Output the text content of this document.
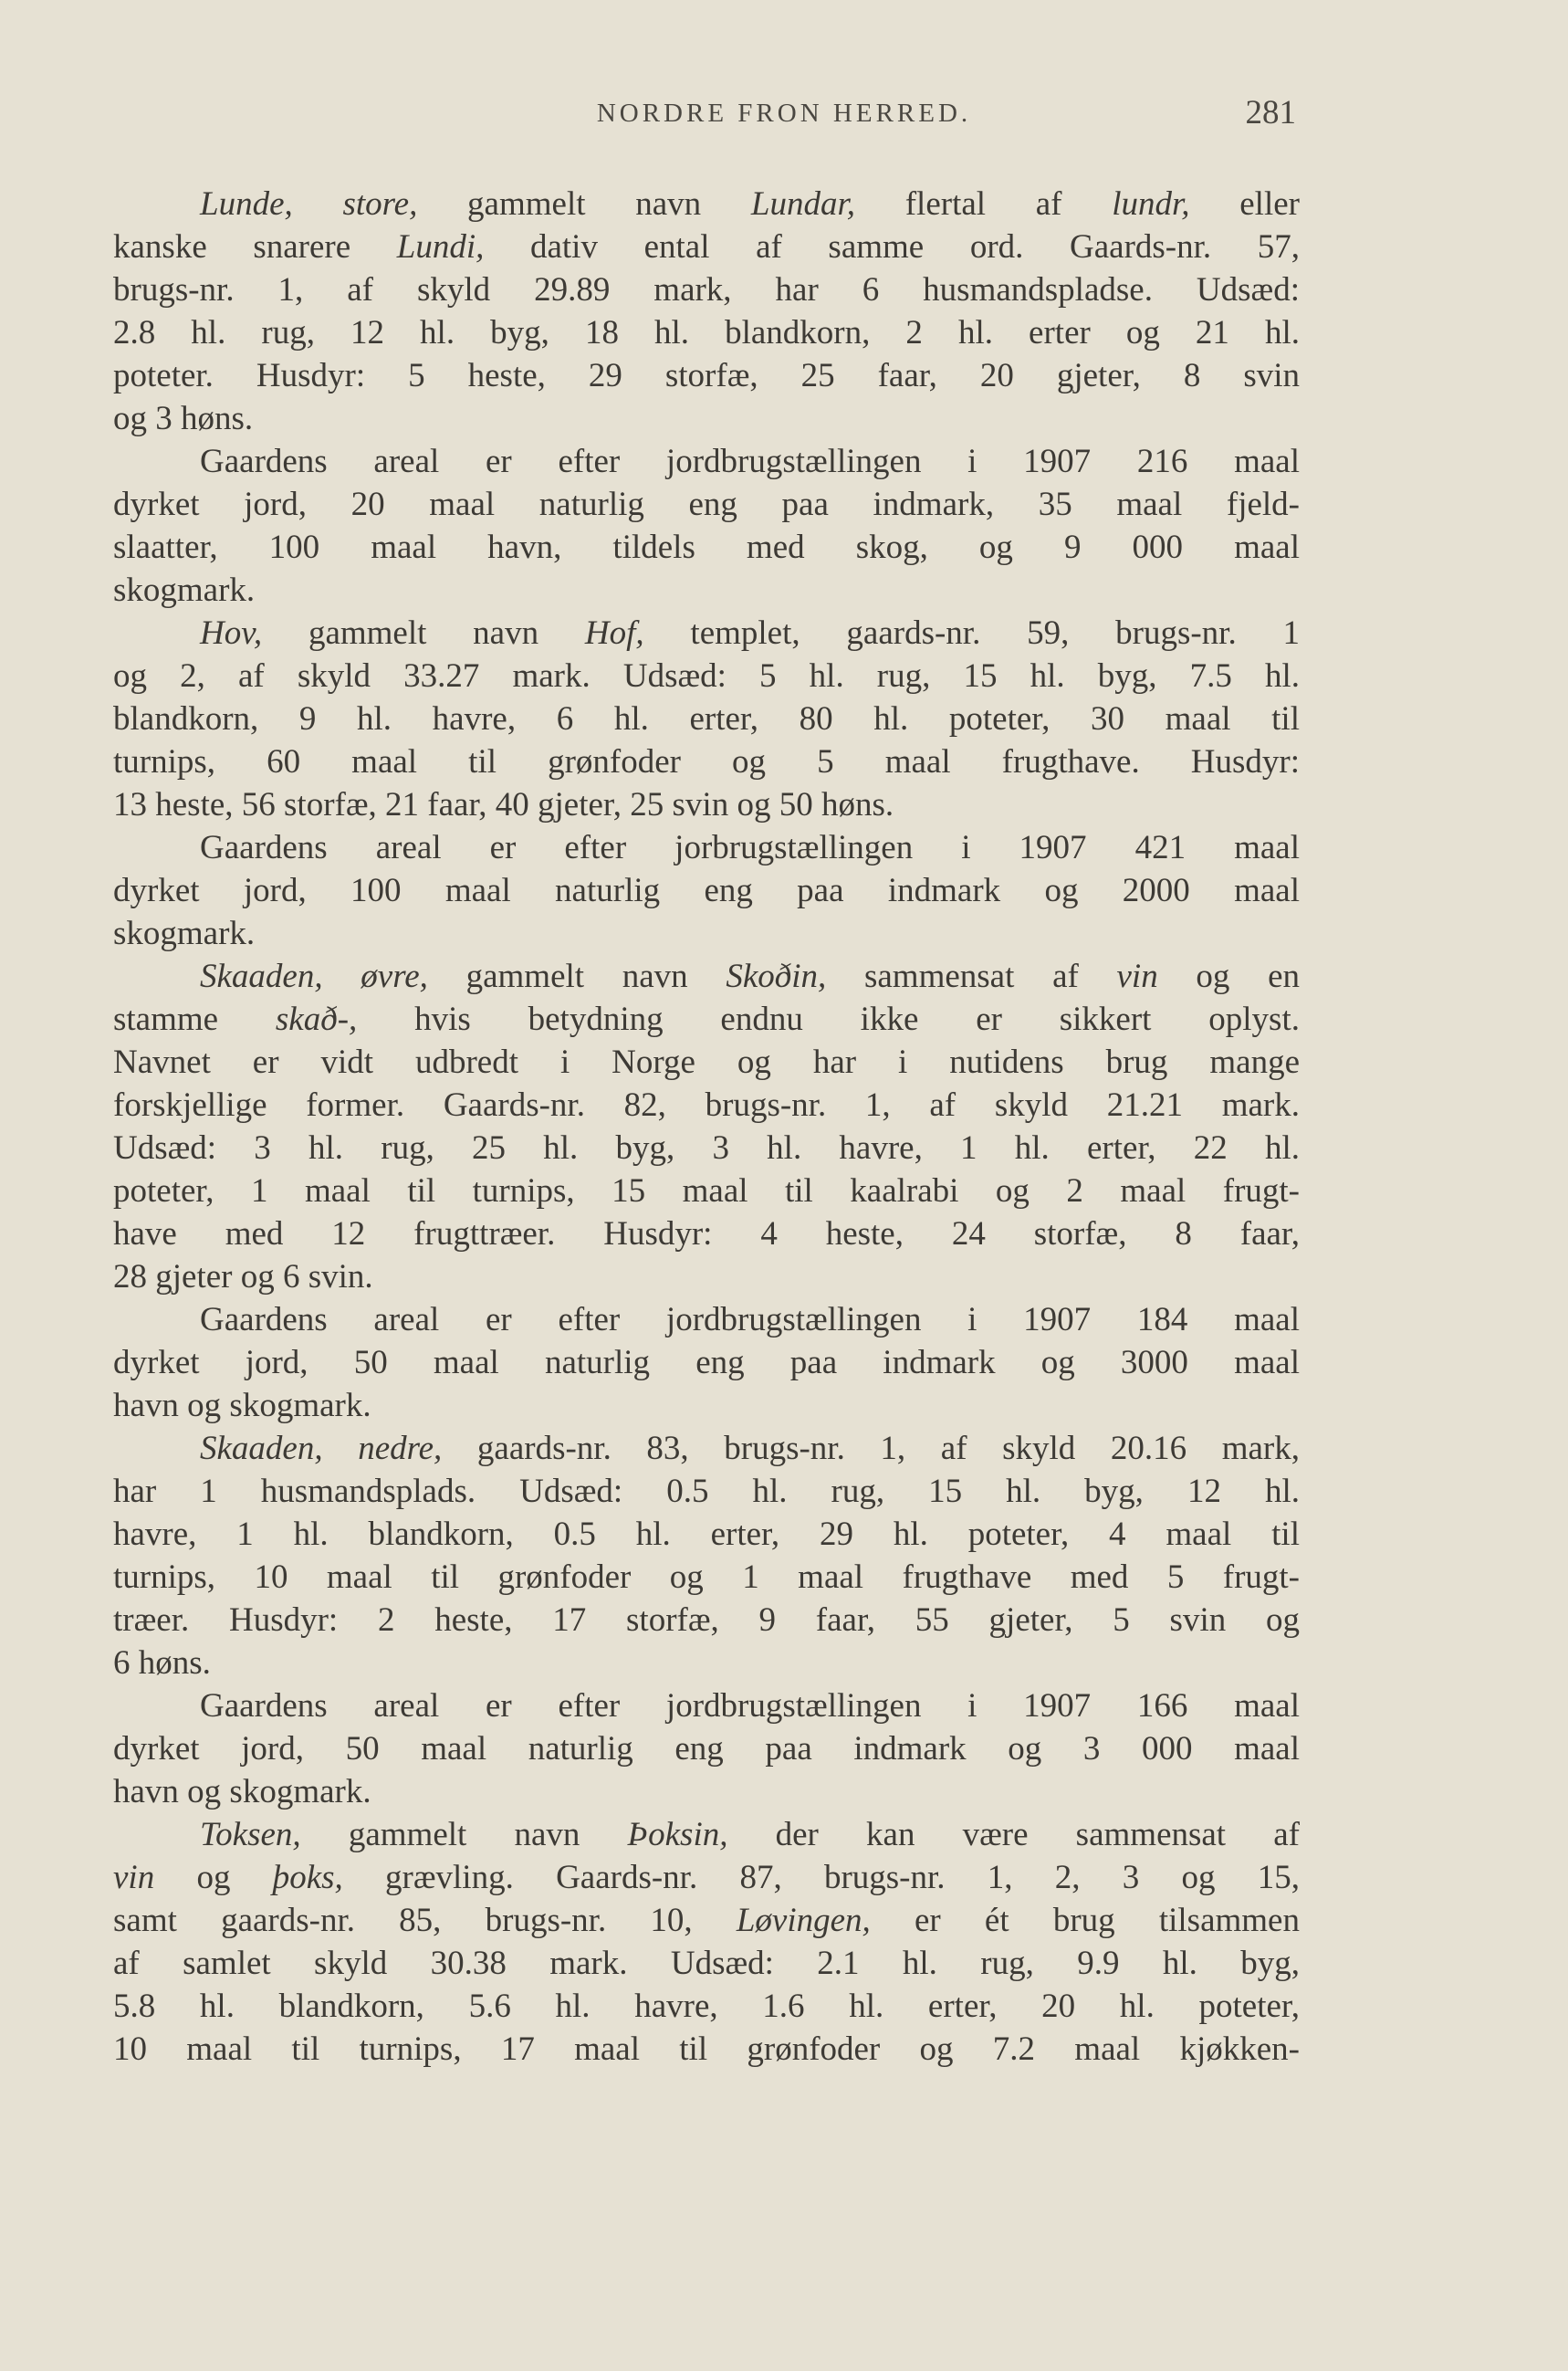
NORDRE FRON HERRED.	281
Lunde, store, gammelt navn Lundar, flertal af lundr, eller
kanske snarere Lundi, dativ ental af samme ord. Gaards-nr. 57,
brugs-nr. 1, af skyld 29.89 mark, har 6 husmandspladse. Udsæd:
2.8 hl. rug, 12 hl. byg, 18 hl. blandkorn, 2 hl. erter og 21 hl.
poteter. Husdyr: 5 heste, 29 storfæ, 25 faar, 20 gjeter, 8 svin
og 3 høns.
Gaardens areal er efter jordbrugstællingen i 1907 216 maal
dyrket jord, 20 maal naturlig eng paa indmark, 35 maal fjeld-
slaatter, 100 maal havn, tildels med skog, og 9 000 maal
skogmark.
Hov, gammelt navn Hof, templet, gaards-nr. 59, brugs-nr. 1
og 2, af skyld 33.27 mark. Udsæd: 5 hl. rug, 15 hl. byg, 7.5 hl.
blandkorn, 9 hl. havre, 6 hl. erter, 80 hl. poteter, 30 maal til
turnips, 60 maal til grønfoder og 5 maal frugthave. Husdyr:
13 heste, 56 storfæ, 21 faar, 40 gjeter, 25 svin og 50 høns.
Gaardens areal er efter jorbrugstællingen i 1907 421 maal
dyrket jord, 100 maal naturlig eng paa indmark og 2000 maal
skogmark.
Skaaden, øvre, gammelt navn Skoðin, sammensat af vin og en
stamme skað-, hvis betydning endnu ikke er sikkert oplyst.
Navnet er vidt udbredt i Norge og har i nutidens brug mange
forskjellige former. Gaards-nr. 82, brugs-nr. 1, af skyld 21.21 mark.
Udsæd: 3 hl. rug, 25 hl. byg, 3 hl. havre, 1 hl. erter, 22 hl.
poteter, 1 maal til turnips, 15 maal til kaalrabi og 2 maal frugt-
have med 12 frugttræer. Husdyr: 4 heste, 24 storfæ, 8 faar,
28 gjeter og 6 svin.
Gaardens areal er efter jordbrugstællingen i 1907 184 maal
dyrket jord, 50 maal naturlig eng paa indmark og 3000 maal
havn og skogmark.
Skaaden, nedre, gaards-nr. 83, brugs-nr. 1, af skyld 20.16 mark,
har 1 husmandsplads. Udsæd: 0.5 hl. rug, 15 hl. byg, 12 hl.
havre, 1 hl. blandkorn, 0.5 hl. erter, 29 hl. poteter, 4 maal til
turnips, 10 maal til grønfoder og 1 maal frugthave med 5 frugt-
træer. Husdyr: 2 heste, 17 storfæ, 9 faar, 55 gjeter, 5 svin og
6 høns.
Gaardens areal er efter jordbrugstællingen i 1907 166 maal
dyrket jord, 50 maal naturlig eng paa indmark og 3 000 maal
havn og skogmark.
Toksen, gammelt navn Þoksin, der kan være sammensat af
vin og þoks, grævling. Gaards-nr. 87, brugs-nr. 1, 2, 3 og 15,
samt gaards-nr. 85, brugs-nr. 10, Løvingen, er ét brug tilsammen
af samlet skyld 30.38 mark. Udsæd: 2.1 hl. rug, 9.9 hl. byg,
5.8 hl. blandkorn, 5.6 hl. havre, 1.6 hl. erter, 20 hl. poteter,
10 maal til turnips, 17 maal til grønfoder og 7.2 maal kjøkken-
